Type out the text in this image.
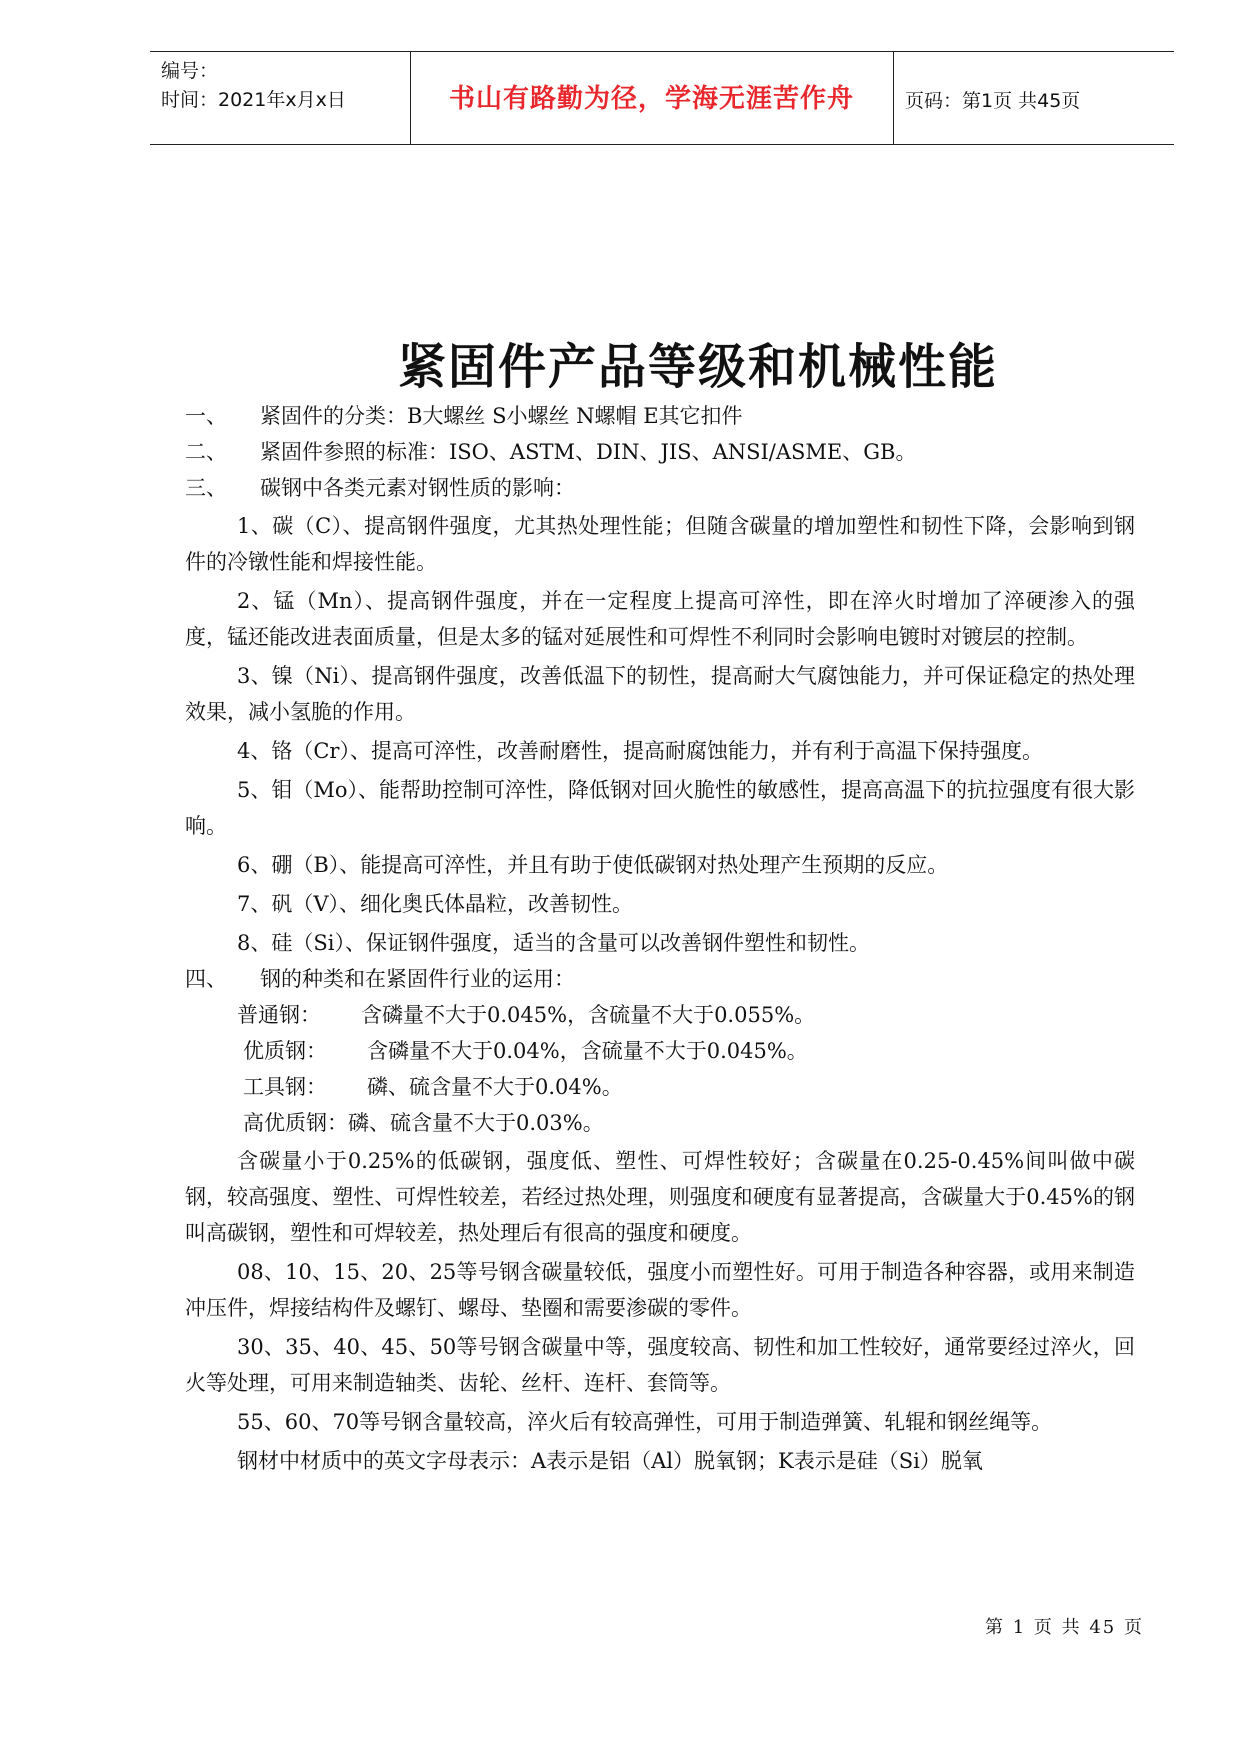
编号：
时间：2021年x月x日	书山有路勤为径，学海无涯苦作舟	页码：第1页 共45页
紧固件产品等级和机械性能
一、 紧固件的分类：B大螺丝 S小螺丝 N螺帽 E其它扣件
二、 紧固件参照的标准：ISO、ASTM、DIN、JIS、ANSI/ASME、GB。
三、 碳钢中各类元素对钢性质的影响：
1、碳（C）、提高钢件强度，尤其热处理性能；但随含碳量的增加塑性和韧性下降，会影响到钢件的冷镦性能和焊接性能。
2、锰（Mn）、提高钢件强度，并在一定程度上提高可淬性，即在淬火时增加了淬硬渗入的强度，锰还能改进表面质量，但是太多的锰对延展性和可焊性不利同时会影响电镀时对镀层的控制。
3、镍（Ni）、提高钢件强度，改善低温下的韧性，提高耐大气腐蚀能力，并可保证稳定的热处理效果，减小氢脆的作用。
4、铬（Cr）、提高可淬性，改善耐磨性，提高耐腐蚀能力，并有利于高温下保持强度。
5、钼（Mo）、能帮助控制可淬性，降低钢对回火脆性的敏感性，提高高温下的抗拉强度有很大影响。
6、硼（B）、能提高可淬性，并且有助于使低碳钢对热处理产生预期的反应。
7、矾（V）、细化奥氏体晶粒，改善韧性。
8、硅（Si）、保证钢件强度，适当的含量可以改善钢件塑性和韧性。
四、 钢的种类和在紧固件行业的运用：
普通钢： 含磷量不大于0.045%，含硫量不大于0.055%。
优质钢： 含磷量不大于0.04%，含硫量不大于0.045%。
工具钢： 磷、硫含量不大于0.04%。
高优质钢：磷、硫含量不大于0.03%。
含碳量小于0.25%的低碳钢，强度低、塑性、可焊性较好；含碳量在0.25-0.45%间叫做中碳钢，较高强度、塑性、可焊性较差，若经过热处理，则强度和硬度有显著提高，含碳量大于0.45%的钢叫高碳钢，塑性和可焊较差，热处理后有很高的强度和硬度。
08、10、15、20、25等号钢含碳量较低，强度小而塑性好。可用于制造各种容器，或用来制造冲压件，焊接结构件及螺钉、螺母、垫圈和需要渗碳的零件。
30、35、40、45、50等号钢含碳量中等，强度较高、韧性和加工性较好，通常要经过淬火，回火等处理，可用来制造轴类、齿轮、丝杆、连杆、套筒等。
55、60、70等号钢含量较高，淬火后有较高弹性，可用于制造弹簧、轧辊和钢丝绳等。
钢材中材质中的英文字母表示：A表示是铝（Al）脱氧钢；K表示是硅（Si）脱氧
第 1 页 共 45 页
